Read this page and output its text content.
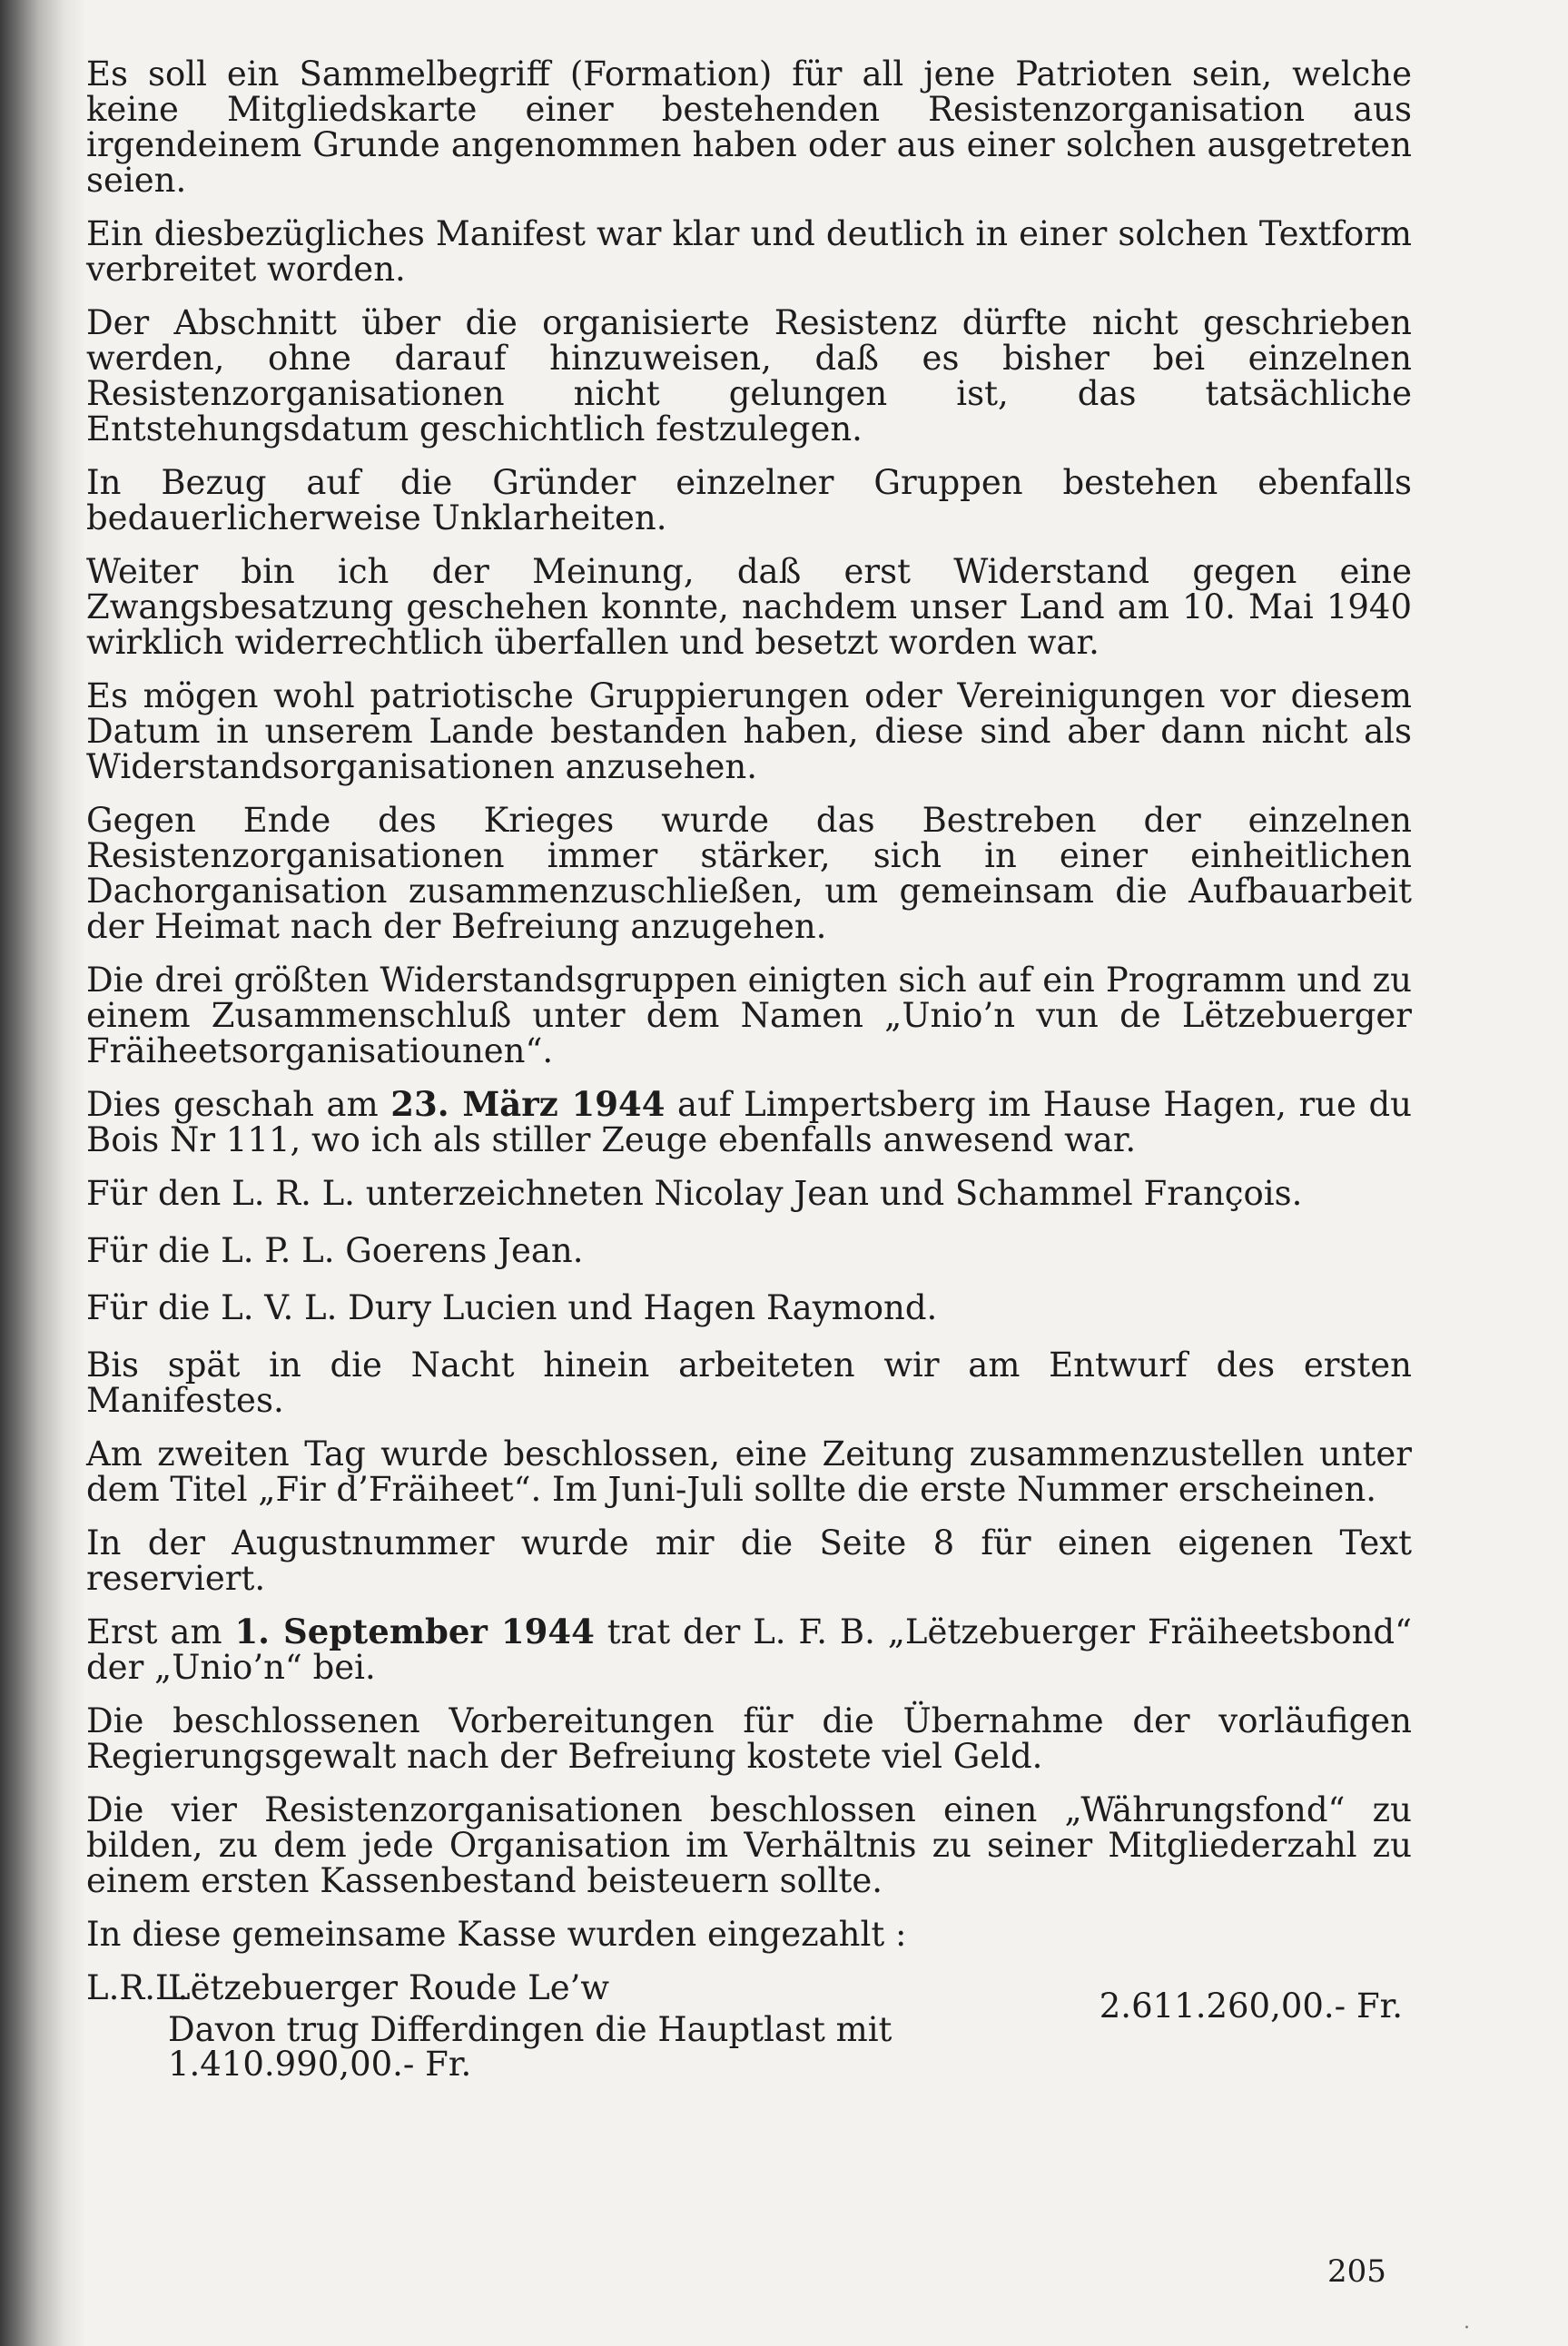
Es soll ein Sammelbegriff (Formation) für all jene Patrioten sein, welche keine Mitgliedskarte einer bestehenden Resistenzorganisation aus irgendeinem Grunde angenommen haben oder aus einer solchen ausgetreten seien.

Ein diesbezügliches Manifest war klar und deutlich in einer solchen Textform verbreitet worden.

Der Abschnitt über die organisierte Resistenz dürfte nicht geschrieben werden, ohne darauf hinzuweisen, daß es bisher bei einzelnen Resistenzorganisationen nicht gelungen ist, das tatsächliche Entstehungsdatum geschichtlich festzulegen.

In Bezug auf die Gründer einzelner Gruppen bestehen ebenfalls bedauerlicherweise Unklarheiten.

Weiter bin ich der Meinung, daß erst Widerstand gegen eine Zwangsbesatzung geschehen konnte, nachdem unser Land am 10. Mai 1940 wirklich widerrechtlich überfallen und besetzt worden war.

Es mögen wohl patriotische Gruppierungen oder Vereinigungen vor diesem Datum in unserem Lande bestanden haben, diese sind aber dann nicht als Widerstandsorganisationen anzusehen.

Gegen Ende des Krieges wurde das Bestreben der einzelnen Resistenzorganisationen immer stärker, sich in einer einheitlichen Dachorganisation zusammenzuschließen, um gemeinsam die Aufbauarbeit der Heimat nach der Befreiung anzugehen.

Die drei größten Widerstandsgruppen einigten sich auf ein Programm und zu einem Zusammenschluß unter dem Namen „Unio’n vun de Lëtzebuerger Fräiheetsorganisatiounen“.

Dies geschah am 23. März 1944 auf Limpertsberg im Hause Hagen, rue du Bois Nr 111, wo ich als stiller Zeuge ebenfalls anwesend war.

Für den L. R. L. unterzeichneten Nicolay Jean und Schammel François.

Für die L. P. L. Goerens Jean.

Für die L. V. L. Dury Lucien und Hagen Raymond.

Bis spät in die Nacht hinein arbeiteten wir am Entwurf des ersten Manifestes.

Am zweiten Tag wurde beschlossen, eine Zeitung zusammenzustellen unter dem Titel „Fir d’Fräiheet“. Im Juni-Juli sollte die erste Nummer erscheinen.

In der Augustnummer wurde mir die Seite 8 für einen eigenen Text reserviert.

Erst am 1. September 1944 trat der L. F. B. „Lëtzebuerger Fräiheetsbond“ der „Unio’n“ bei.

Die beschlossenen Vorbereitungen für die Übernahme der vorläufigen Regierungsgewalt nach der Befreiung kostete viel Geld.

Die vier Resistenzorganisationen beschlossen einen „Währungsfond“ zu bilden, zu dem jede Organisation im Verhältnis zu seiner Mitgliederzahl zu einem ersten Kassenbestand beisteuern sollte.

In diese gemeinsame Kasse wurden eingezahlt :

L.R.L.
Lëtzebuerger Roude Le’w	2.611.260,00.- Fr.
Davon trug Differdingen die Hauptlast mit
1.410.990,00.- Fr.
205
·
